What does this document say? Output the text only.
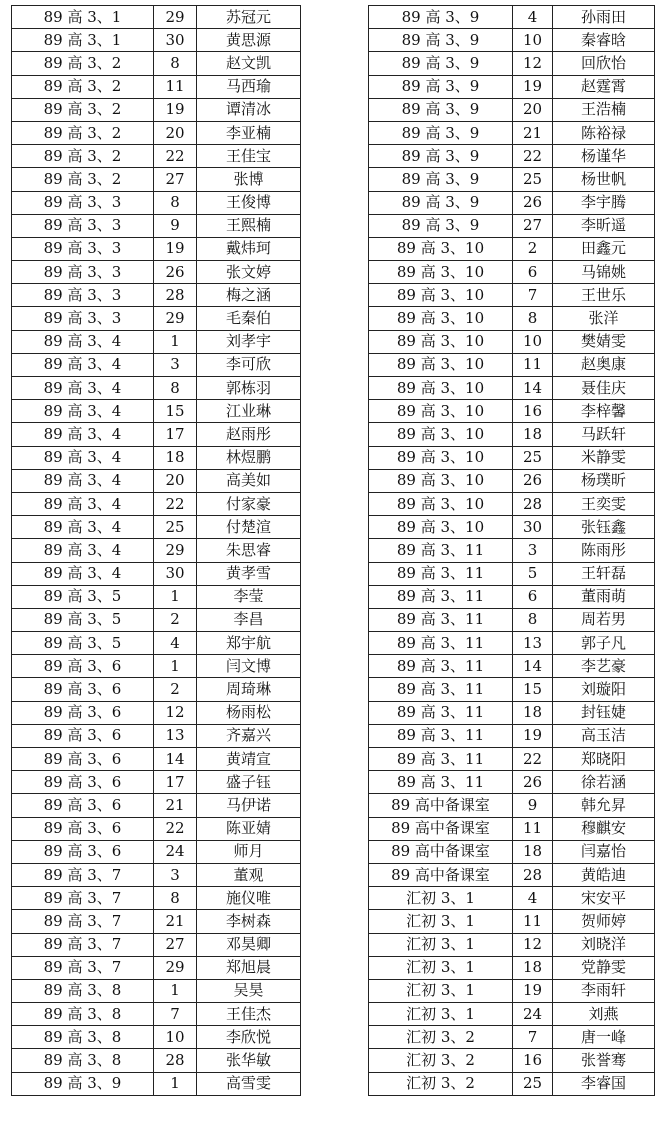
89 高 3、1	29	苏冠元
89 高 3、1	30	黄思源
89 高 3、2	8	赵文凯
89 高 3、2	11	马西瑜
89 高 3、2	19	谭清冰
89 高 3、2	20	李亚楠
89 高 3、2	22	王佳宝
89 高 3、2	27	张博
89 高 3、3	8	王俊博
89 高 3、3	9	王熙楠
89 高 3、3	19	戴炜珂
89 高 3、3	26	张文婷
89 高 3、3	28	梅之涵
89 高 3、3	29	毛秦伯
89 高 3、4	1	刘孝宇
89 高 3、4	3	李可欣
89 高 3、4	8	郭栋羽
89 高 3、4	15	江业琳
89 高 3、4	17	赵雨彤
89 高 3、4	18	林煜鹏
89 高 3、4	20	高美如
89 高 3、4	22	付家豪
89 高 3、4	25	付楚渲
89 高 3、4	29	朱思睿
89 高 3、4	30	黄孝雪
89 高 3、5	1	李莹
89 高 3、5	2	李昌
89 高 3、5	4	郑宇航
89 高 3、6	1	闫文博
89 高 3、6	2	周琦琳
89 高 3、6	12	杨雨松
89 高 3、6	13	齐嘉兴
89 高 3、6	14	黄靖宣
89 高 3、6	17	盛子钰
89 高 3、6	21	马伊诺
89 高 3、6	22	陈亚婧
89 高 3、6	24	师月
89 高 3、7	3	董观
89 高 3、7	8	施仪唯
89 高 3、7	21	李树森
89 高 3、7	27	邓昊卿
89 高 3、7	29	郑旭晨
89 高 3、8	1	吴昊
89 高 3、8	7	王佳杰
89 高 3、8	10	李欣悦
89 高 3、8	28	张华敏
89 高 3、9	1	高雪雯
89 高 3、9	4	孙雨田
89 高 3、9	10	秦睿晗
89 高 3、9	12	回欣怡
89 高 3、9	19	赵霆霄
89 高 3、9	20	王浩楠
89 高 3、9	21	陈裕禄
89 高 3、9	22	杨谨华
89 高 3、9	25	杨世帆
89 高 3、9	26	李宇腾
89 高 3、9	27	李昕遥
89 高 3、10	2	田鑫元
89 高 3、10	6	马锦姚
89 高 3、10	7	王世乐
89 高 3、10	8	张洋
89 高 3、10	10	樊婧雯
89 高 3、10	11	赵奥康
89 高 3、10	14	聂佳庆
89 高 3、10	16	李梓馨
89 高 3、10	18	马跃轩
89 高 3、10	25	米静雯
89 高 3、10	26	杨璞昕
89 高 3、10	28	王奕雯
89 高 3、10	30	张钰鑫
89 高 3、11	3	陈雨彤
89 高 3、11	5	王轩磊
89 高 3、11	6	董雨萌
89 高 3、11	8	周若男
89 高 3、11	13	郭子凡
89 高 3、11	14	李艺豪
89 高 3、11	15	刘璇阳
89 高 3、11	18	封钰婕
89 高 3、11	19	高玉洁
89 高 3、11	22	郑晓阳
89 高 3、11	26	徐若涵
89 高中备课室	9	韩允昇
89 高中备课室	11	穆麒安
89 高中备课室	18	闫嘉怡
89 高中备课室	28	黄皓迪
汇初 3、1	4	宋安平
汇初 3、1	11	贺师婷
汇初 3、1	12	刘晓洋
汇初 3、1	18	党静雯
汇初 3、1	19	李雨轩
汇初 3、1	24	刘燕
汇初 3、2	7	唐一峰
汇初 3、2	16	张誉骞
汇初 3、2	25	李睿国
